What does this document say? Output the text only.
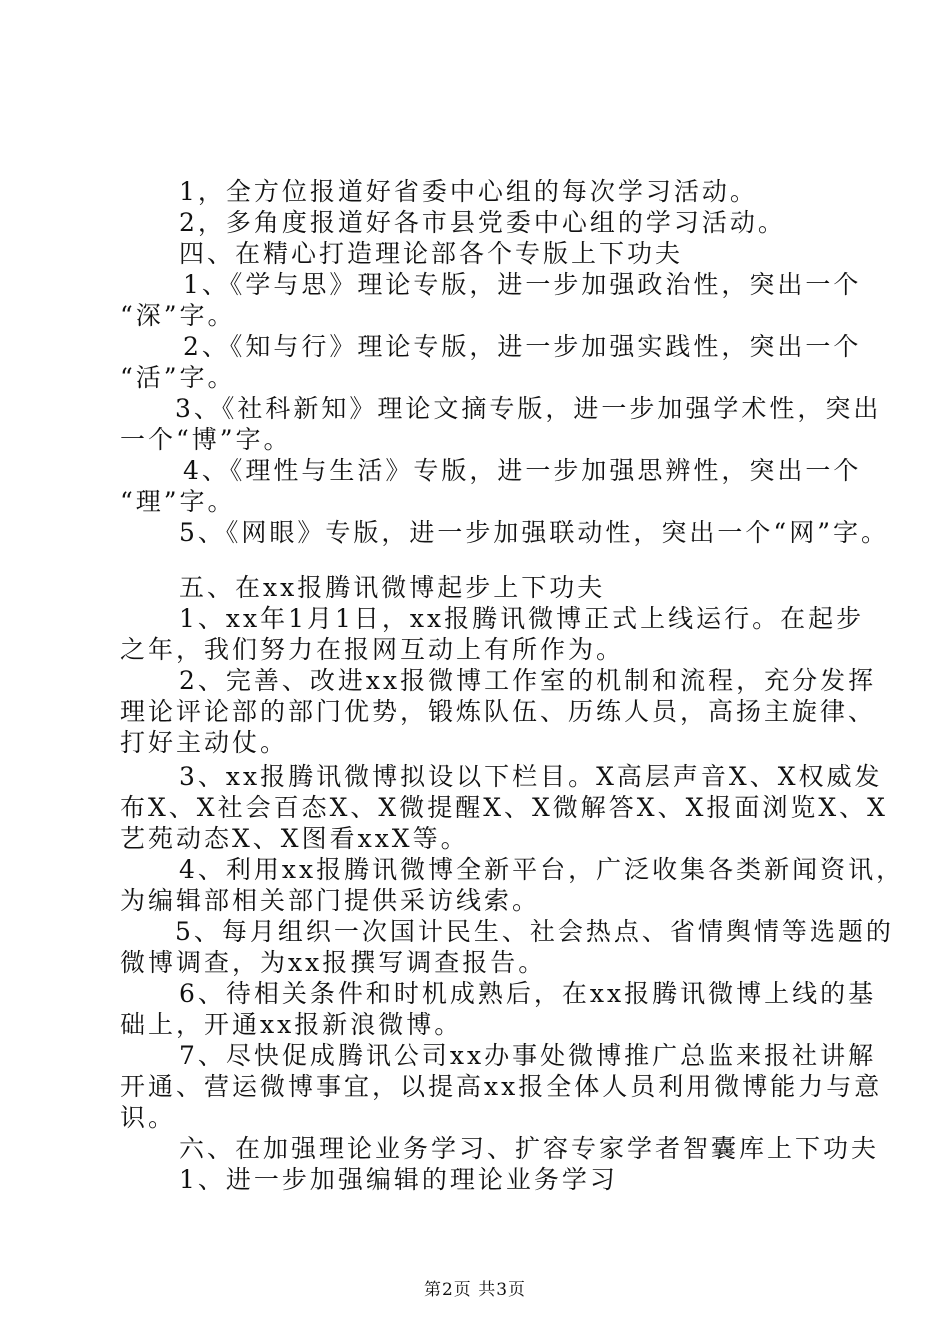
1，全方位报道好省委中心组的每次学习活动。
2，多角度报道好各市县党委中心组的学习活动。
四、在精心打造理论部各个专版上下功夫
1、《学与思》理论专版，进一步加强政治性，突出一个
“深”字。
2、《知与行》理论专版，进一步加强实践性，突出一个
“活”字。
3、《社科新知》理论文摘专版，进一步加强学术性，突出
一个“博”字。
4、《理性与生活》专版，进一步加强思辨性，突出一个
“理”字。
5、《网眼》专版，进一步加强联动性，突出一个“网”字。
五、在xx报腾讯微博起步上下功夫
1、xx年1月1日，xx报腾讯微博正式上线运行。在起步
之年，我们努力在报网互动上有所作为。
2、完善、改进xx报微博工作室的机制和流程，充分发挥
理论评论部的部门优势，锻炼队伍、历练人员，高扬主旋律、
打好主动仗。
3、xx报腾讯微博拟设以下栏目。X高层声音X、X权威发
布X、X社会百态X、X微提醒X、X微解答X、X报面浏览X、X
艺苑动态X、X图看xxX等。
4、利用xx报腾讯微博全新平台，广泛收集各类新闻资讯，
为编辑部相关部门提供采访线索。
5、每月组织一次国计民生、社会热点、省情舆情等选题的
微博调查，为xx报撰写调查报告。
6、待相关条件和时机成熟后，在xx报腾讯微博上线的基
础上，开通xx报新浪微博。
7、尽快促成腾讯公司xx办事处微博推广总监来报社讲解
开通、营运微博事宜，以提高xx报全体人员利用微博能力与意
识。
六、在加强理论业务学习、扩容专家学者智囊库上下功夫
1、进一步加强编辑的理论业务学习
第2页 共3页
